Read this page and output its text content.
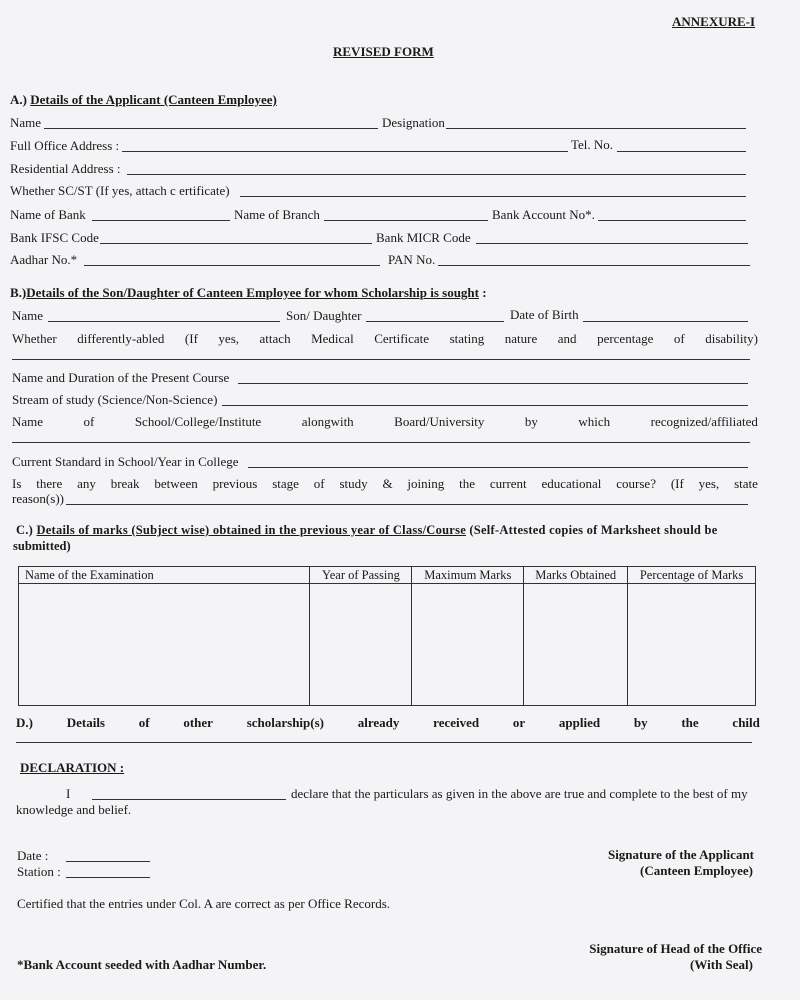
ANNEXURE-I
REVISED FORM
A.) Details of the Applicant (Canteen Employee)
Name	Designation
Full Office Address :	Tel. No.
Residential Address :
Whether SC/ST (If yes, attach c ertificate)
Name of Bank	Name of Branch	Bank Account No*.
Bank IFSC Code	Bank MICR Code
Aadhar No.*	PAN No.
B.)Details of the Son/Daughter of Canteen Employee for whom Scholarship is sought :
Name	Son/ Daughter	Date of Birth
Whether differently-abled (If yes, attach Medical Certificate stating nature and percentage of disability)
Name and Duration of the Present Course
Stream of study (Science/Non-Science)
Name	of	School/College/Institute	alongwith	Board/University	by	which	recognized/affiliated
Current Standard in School/Year in College
Is there any break between previous stage of study & joining the current educational course? (If yes, state
reason(s))
C.) Details of marks (Subject wise) obtained in the previous year of Class/Course (Self-Attested copies of Marksheet should be
submitted)
Name of the Examination	Year of Passing	Maximum Marks	Marks Obtained	Percentage of Marks

D.)	Details	of	other	scholarship(s)	already	received	or	applied	by	the	child
DECLARATION :
I	declare that the particulars as given in the above are true and complete to the best of my
knowledge and belief.
Date :
Station :
Signature of the Applicant
(Canteen Employee)
Certified that the entries under Col. A are correct as per Office Records.
Signature of Head of the Office
(With Seal)
*Bank Account seeded with Aadhar Number.
